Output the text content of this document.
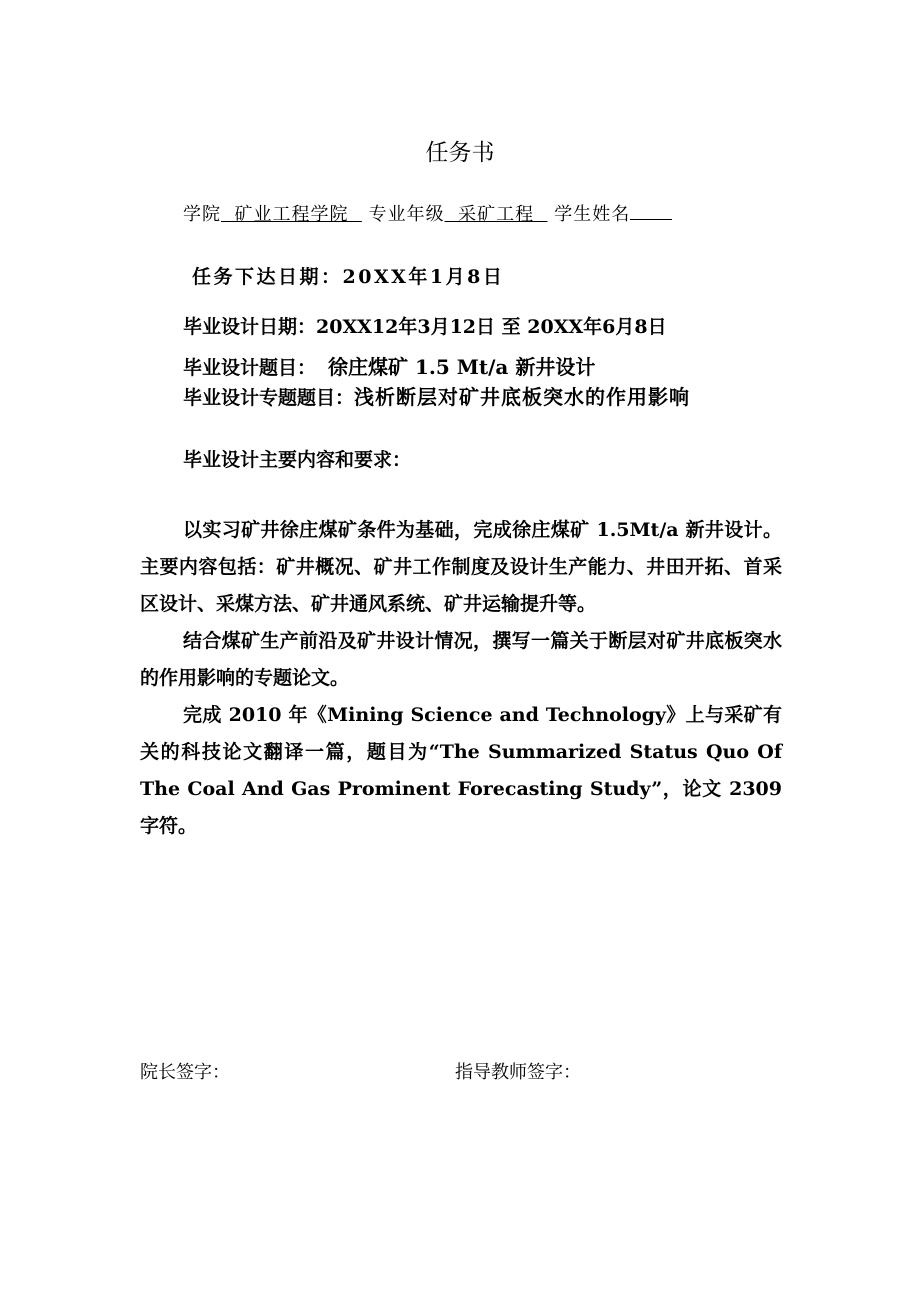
任务书
学院  矿业工程学院   专业年级  采矿工程   学生姓名
任务下达日期：20XX年1月8日
毕业设计日期：20XX12年3月12日 至 20XX年6月8日
毕业设计题目： 徐庄煤矿 1.5 Mt/a 新井设计
毕业设计专题题目：浅析断层对矿井底板突水的作用影响
毕业设计主要内容和要求：
以实习矿井徐庄煤矿条件为基础，完成徐庄煤矿 1.5Mt/a 新井设计。主要内容包括：矿井概况、矿井工作制度及设计生产能力、井田开拓、首采区设计、采煤方法、矿井通风系统、矿井运输提升等。
结合煤矿生产前沿及矿井设计情况，撰写一篇关于断层对矿井底板突水的作用影响的专题论文。
完成 2010 年《Mining Science and Technology》上与采矿有关的科技论文翻译一篇，题目为“The Summarized Status Quo Of The Coal And Gas Prominent Forecasting Study”，论文 2309 字符。
院长签字：	指导教师签字：
